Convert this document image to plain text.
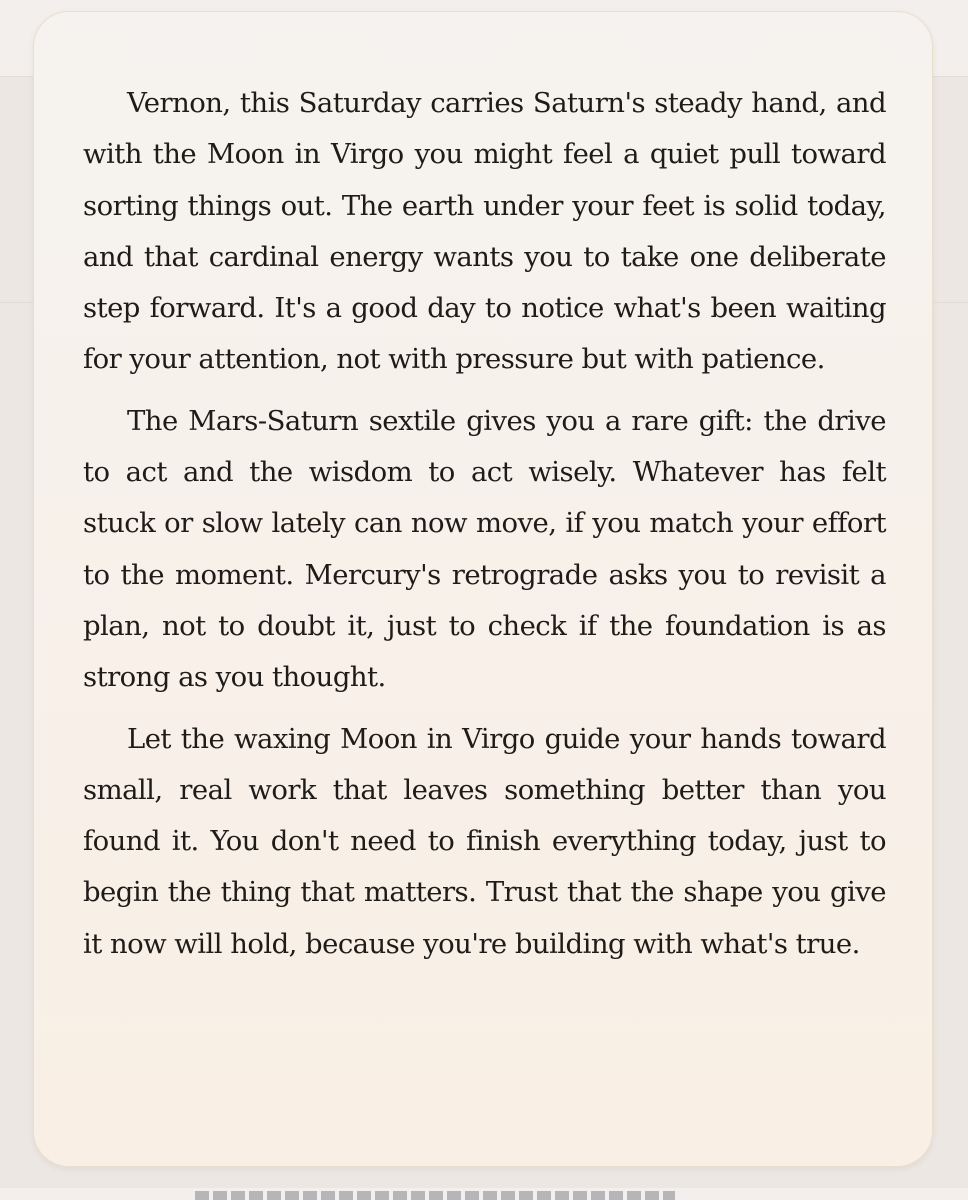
Vernon, this Saturday carries Saturn's steady hand, and with the Moon in Virgo you might feel a quiet pull toward sorting things out. The earth under your feet is solid today, and that cardinal energy wants you to take one deliberate step forward. It's a good day to notice what's been waiting for your attention, not with pressure but with patience.

The Mars-Saturn sextile gives you a rare gift: the drive to act and the wisdom to act wisely. Whatever has felt stuck or slow lately can now move, if you match your effort to the moment. Mercury's retrograde asks you to revisit a plan, not to doubt it, just to check if the foundation is as strong as you thought.

Let the waxing Moon in Virgo guide your hands toward small, real work that leaves something better than you found it. You don't need to finish everything today, just to begin the thing that matters. Trust that the shape you give it now will hold, because you're building with what's true.
